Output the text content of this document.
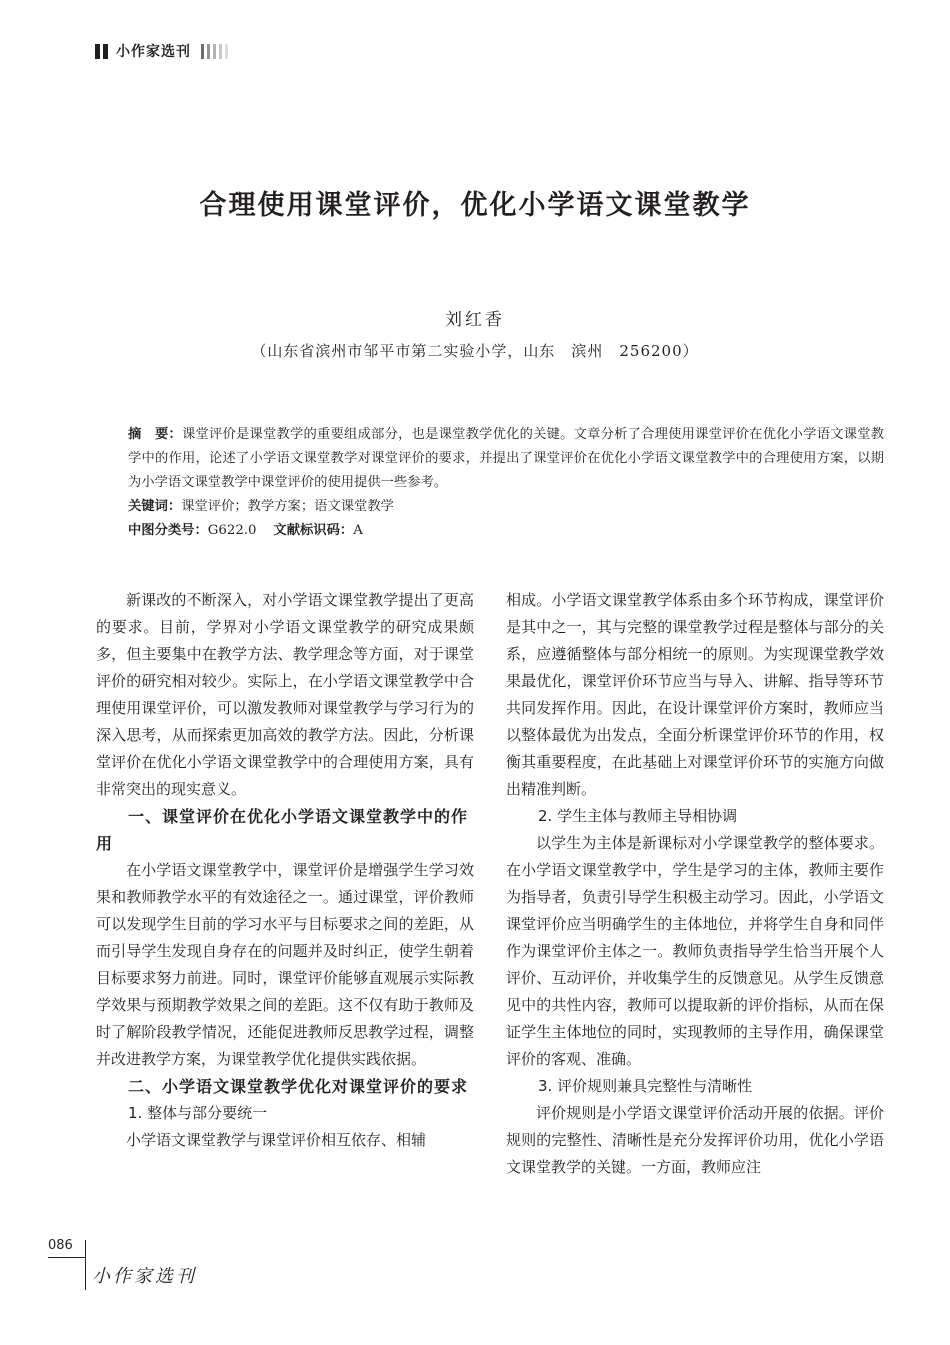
小作家选刊
合理使用课堂评价，优化小学语文课堂教学
刘红香
（山东省滨州市邹平市第二实验小学，山东　滨州　256200）

摘　要：课堂评价是课堂教学的重要组成部分，也是课堂教学优化的关键。文章分析了合理使用课堂评价在优化小学语文课堂教学中的作用，论述了小学语文课堂教学对课堂评价的要求，并提出了课堂评价在优化小学语文课堂教学中的合理使用方案，以期为小学语文课堂教学中课堂评价的使用提供一些参考。

关键词：课堂评价；教学方案；语文课堂教学

中图分类号：G622.0 文献标识码：A

新课改的不断深入，对小学语文课堂教学提出了更高的要求。目前，学界对小学语文课堂教学的研究成果颇多，但主要集中在教学方法、教学理念等方面，对于课堂评价的研究相对较少。实际上，在小学语文课堂教学中合理使用课堂评价，可以激发教师对课堂教学与学习行为的深入思考，从而探索更加高效的教学方法。因此，分析课堂评价在优化小学语文课堂教学中的合理使用方案，具有非常突出的现实意义。

一、课堂评价在优化小学语文课堂教学中的作用

在小学语文课堂教学中，课堂评价是增强学生学习效果和教师教学水平的有效途径之一。通过课堂，评价教师可以发现学生目前的学习水平与目标要求之间的差距，从而引导学生发现自身存在的问题并及时纠正，使学生朝着目标要求努力前进。同时，课堂评价能够直观展示实际教学效果与预期教学效果之间的差距。这不仅有助于教师及时了解阶段教学情况，还能促进教师反思教学过程，调整并改进教学方案，为课堂教学优化提供实践依据。

二、小学语文课堂教学优化对课堂评价的要求
1. 整体与部分要统一

小学语文课堂教学与课堂评价相互依存、相辅

相成。小学语文课堂教学体系由多个环节构成，课堂评价是其中之一，其与完整的课堂教学过程是整体与部分的关系，应遵循整体与部分相统一的原则。为实现课堂教学效果最优化，课堂评价环节应当与导入、讲解、指导等环节共同发挥作用。因此，在设计课堂评价方案时，教师应当以整体最优为出发点，全面分析课堂评价环节的作用，权衡其重要程度，在此基础上对课堂评价环节的实施方向做出精准判断。

2. 学生主体与教师主导相协调

以学生为主体是新课标对小学课堂教学的整体要求。在小学语文课堂教学中，学生是学习的主体，教师主要作为指导者，负责引导学生积极主动学习。因此，小学语文课堂评价应当明确学生的主体地位，并将学生自身和同伴作为课堂评价主体之一。教师负责指导学生恰当开展个人评价、互动评价，并收集学生的反馈意见。从学生反馈意见中的共性内容，教师可以提取新的评价指标，从而在保证学生主体地位的同时，实现教师的主导作用，确保课堂评价的客观、准确。

3. 评价规则兼具完整性与清晰性

评价规则是小学语文课堂评价活动开展的依据。评价规则的完整性、清晰性是充分发挥评价功用，优化小学语文课堂教学的关键。一方面，教师应注

086
小作家选刊
